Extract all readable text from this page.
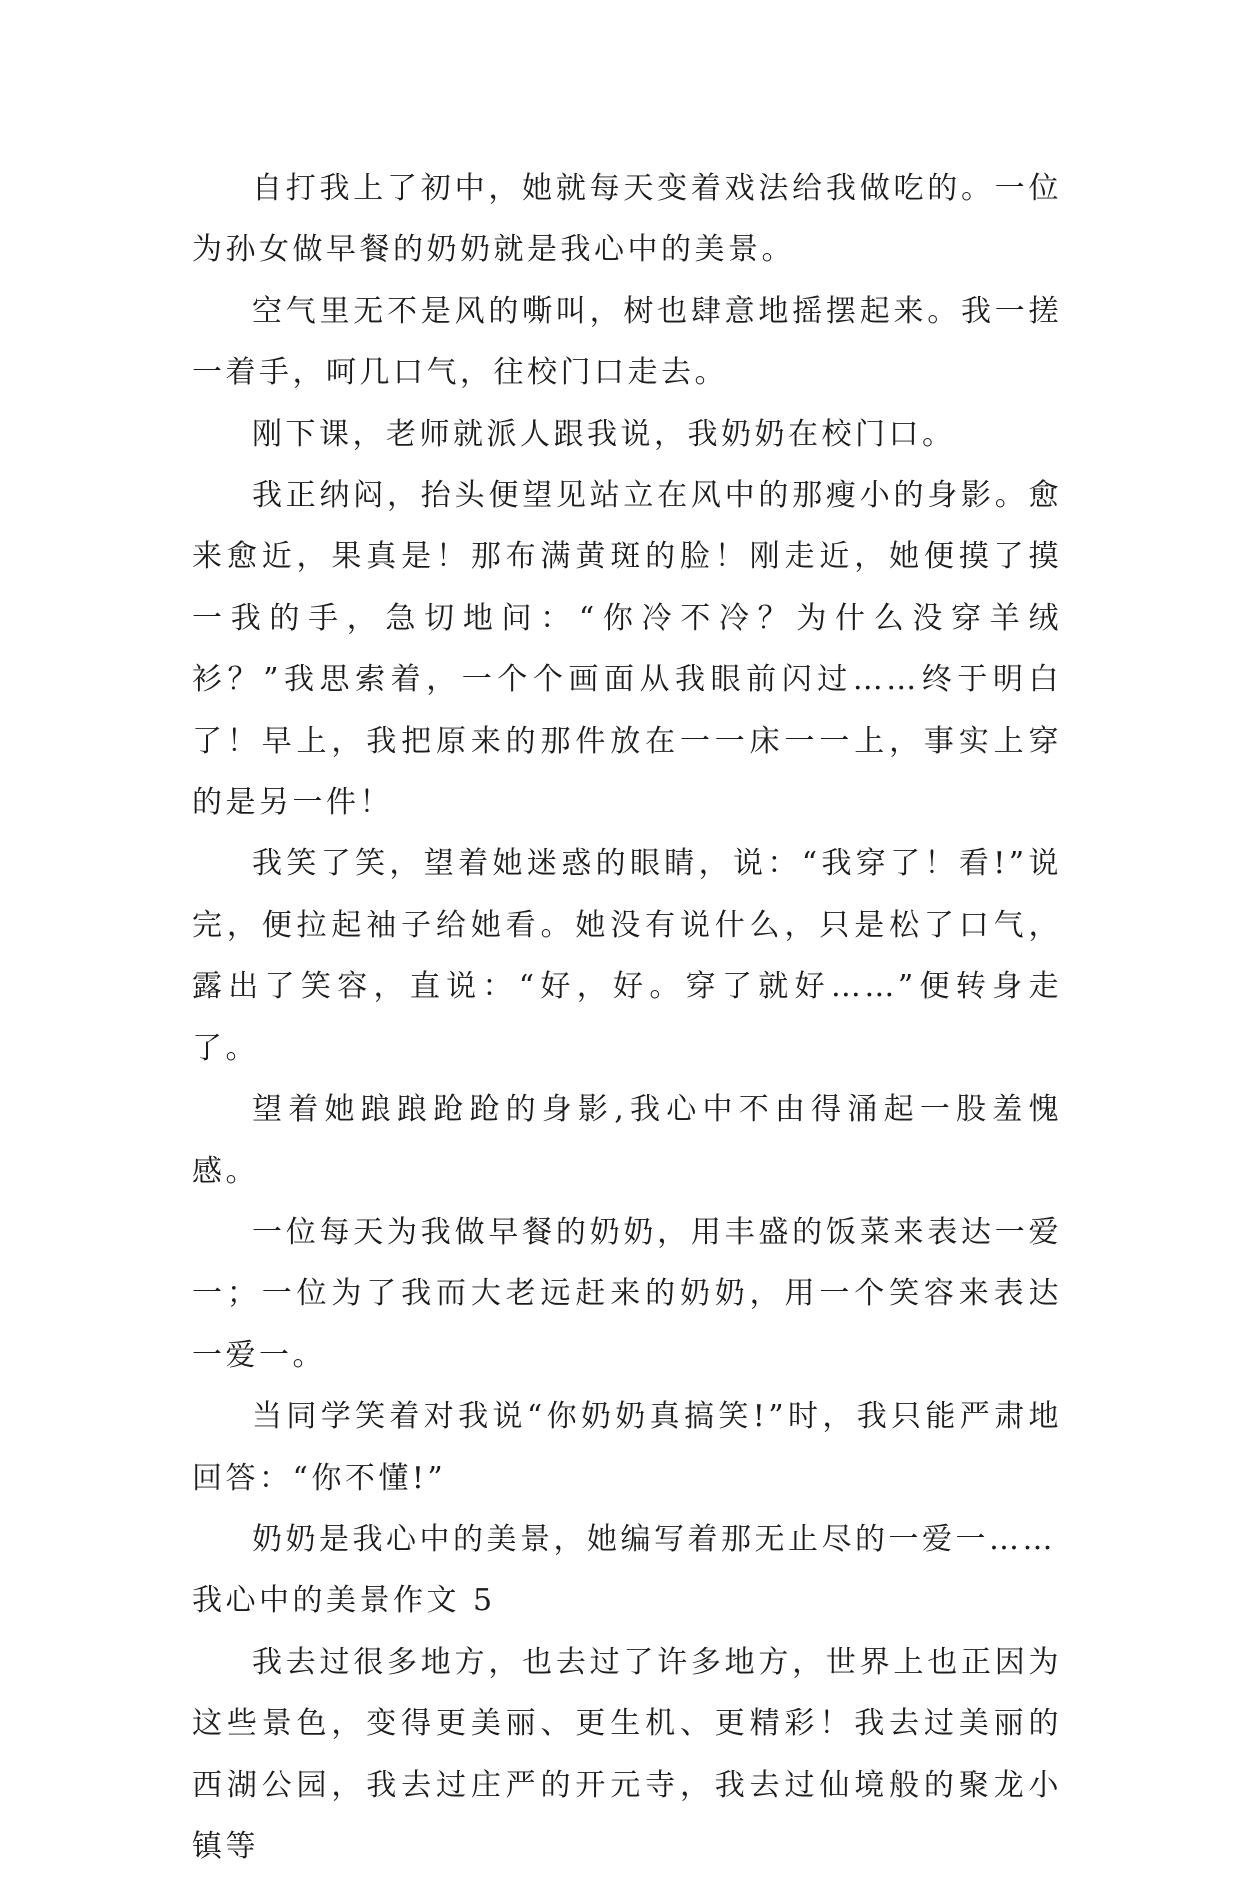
自打我上了初中，她就每天变着戏法给我做吃的。一位为孙女做早餐的奶奶就是我心中的美景。

空气里无不是风的嘶叫，树也肆意地摇摆起来。我一搓一着手，呵几口气，往校门口走去。

刚下课，老师就派人跟我说，我奶奶在校门口。

我正纳闷，抬头便望见站立在风中的那瘦小的身影。愈来愈近，果真是！那布满黄斑的脸！刚走近，她便摸了摸一我的手，急切地问：“你冷不冷？为什么没穿羊绒衫？”我思索着，一个个画面从我眼前闪过……终于明白了！早上，我把原来的那件放在一一床一一上，事实上穿的是另一件！

我笑了笑，望着她迷惑的眼睛，说：“我穿了！看!”说完，便拉起袖子给她看。她没有说什么，只是松了口气，露出了笑容，直说：“好，好。穿了就好……”便转身走了。

望着她踉踉跄跄的身影,我心中不由得涌起一股羞愧感。

一位每天为我做早餐的奶奶，用丰盛的饭菜来表达一爱一；一位为了我而大老远赶来的奶奶，用一个笑容来表达一爱一。

当同学笑着对我说“你奶奶真搞笑!”时，我只能严肃地回答：“你不懂!”

奶奶是我心中的美景，她编写着那无止尽的一爱一……

我心中的美景作文 5

我去过很多地方，也去过了许多地方，世界上也正因为这些景色，变得更美丽、更生机、更精彩！我去过美丽的西湖公园，我去过庄严的开元寺，我去过仙境般的聚龙小镇等
